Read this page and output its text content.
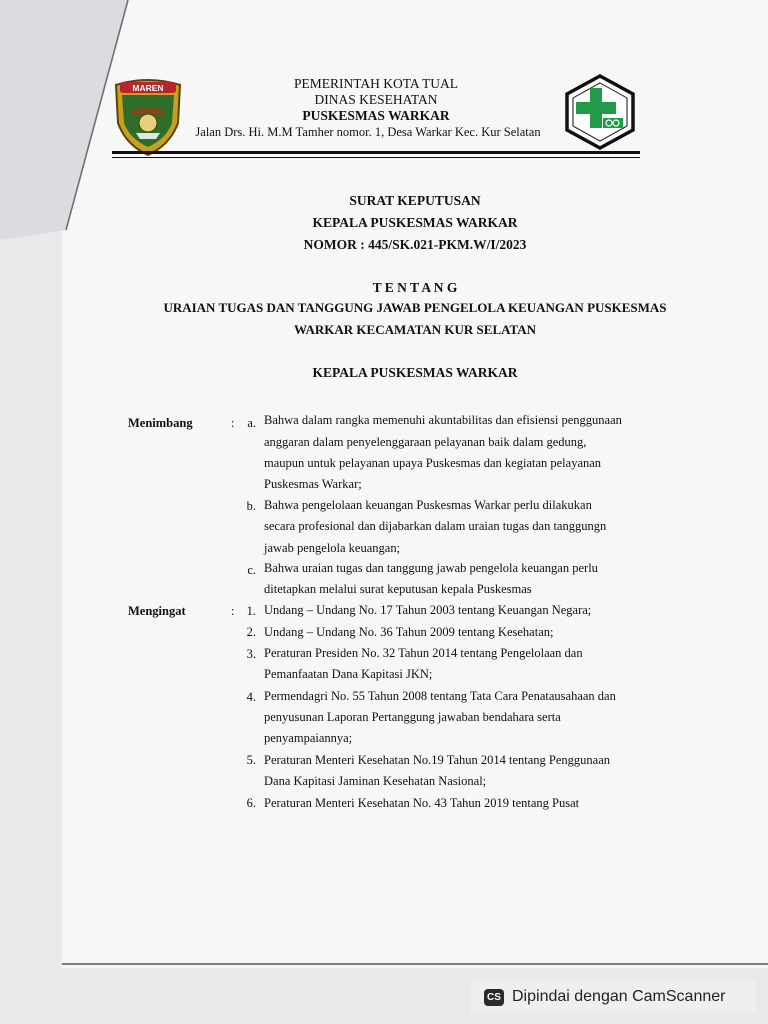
MAREN	PEMERINTAH KOTA TUAL
DINAS KESEHATAN
PUSKESMAS WARKAR
Jalan Drs. Hi. M.M Tamher nomor. 1, Desa Warkar Kec. Kur Selatan
SURAT KEPUTUSAN
KEPALA PUSKESMAS WARKAR
NOMOR : 445/SK.021-PKM.W/I/2023
T E N T A N G
URAIAN TUGAS DAN TANGGUNG JAWAB PENGELOLA KEUANGAN PUSKESMAS
WARKAR KECAMATAN KUR SELATAN
KEPALA PUSKESMAS WARKAR
Menimbang	:	a. Bahwa dalam rangka memenuhi akuntabilitas dan efisiensi penggunaan
anggaran dalam penyelenggaraan pelayanan baik dalam gedung,
maupun untuk pelayanan upaya Puskesmas dan kegiatan pelayanan
Puskesmas Warkar;
b. Bahwa pengelolaan keuangan Puskesmas Warkar perlu dilakukan
secara profesional dan dijabarkan dalam uraian tugas dan tanggungn
jawab pengelola keuangan;
c. Bahwa uraian tugas dan tanggung jawab pengelola keuangan perlu
ditetapkan melalui surat keputusan kepala Puskesmas
Mengingat	: 1. Undang – Undang No. 17 Tahun 2003 tentang Keuangan Negara;
2. Undang – Undang No. 36 Tahun 2009 tentang Kesehatan;
3. Peraturan Presiden No. 32 Tahun 2014 tentang Pengelolaan dan
Pemanfaatan Dana Kapitasi JKN;
4. Permendagri No. 55 Tahun 2008 tentang Tata Cara Penatausahaan dan
penyusunan Laporan Pertanggung jawaban bendahara serta
penyampaiannya;
5. Peraturan Menteri Kesehatan No.19 Tahun 2014 tentang Penggunaan
Dana Kapitasi Jaminan Kesehatan Nasional;
6. Peraturan Menteri Kesehatan No. 43 Tahun 2019 tentang Pusat
CS Dipindai dengan CamScanner
